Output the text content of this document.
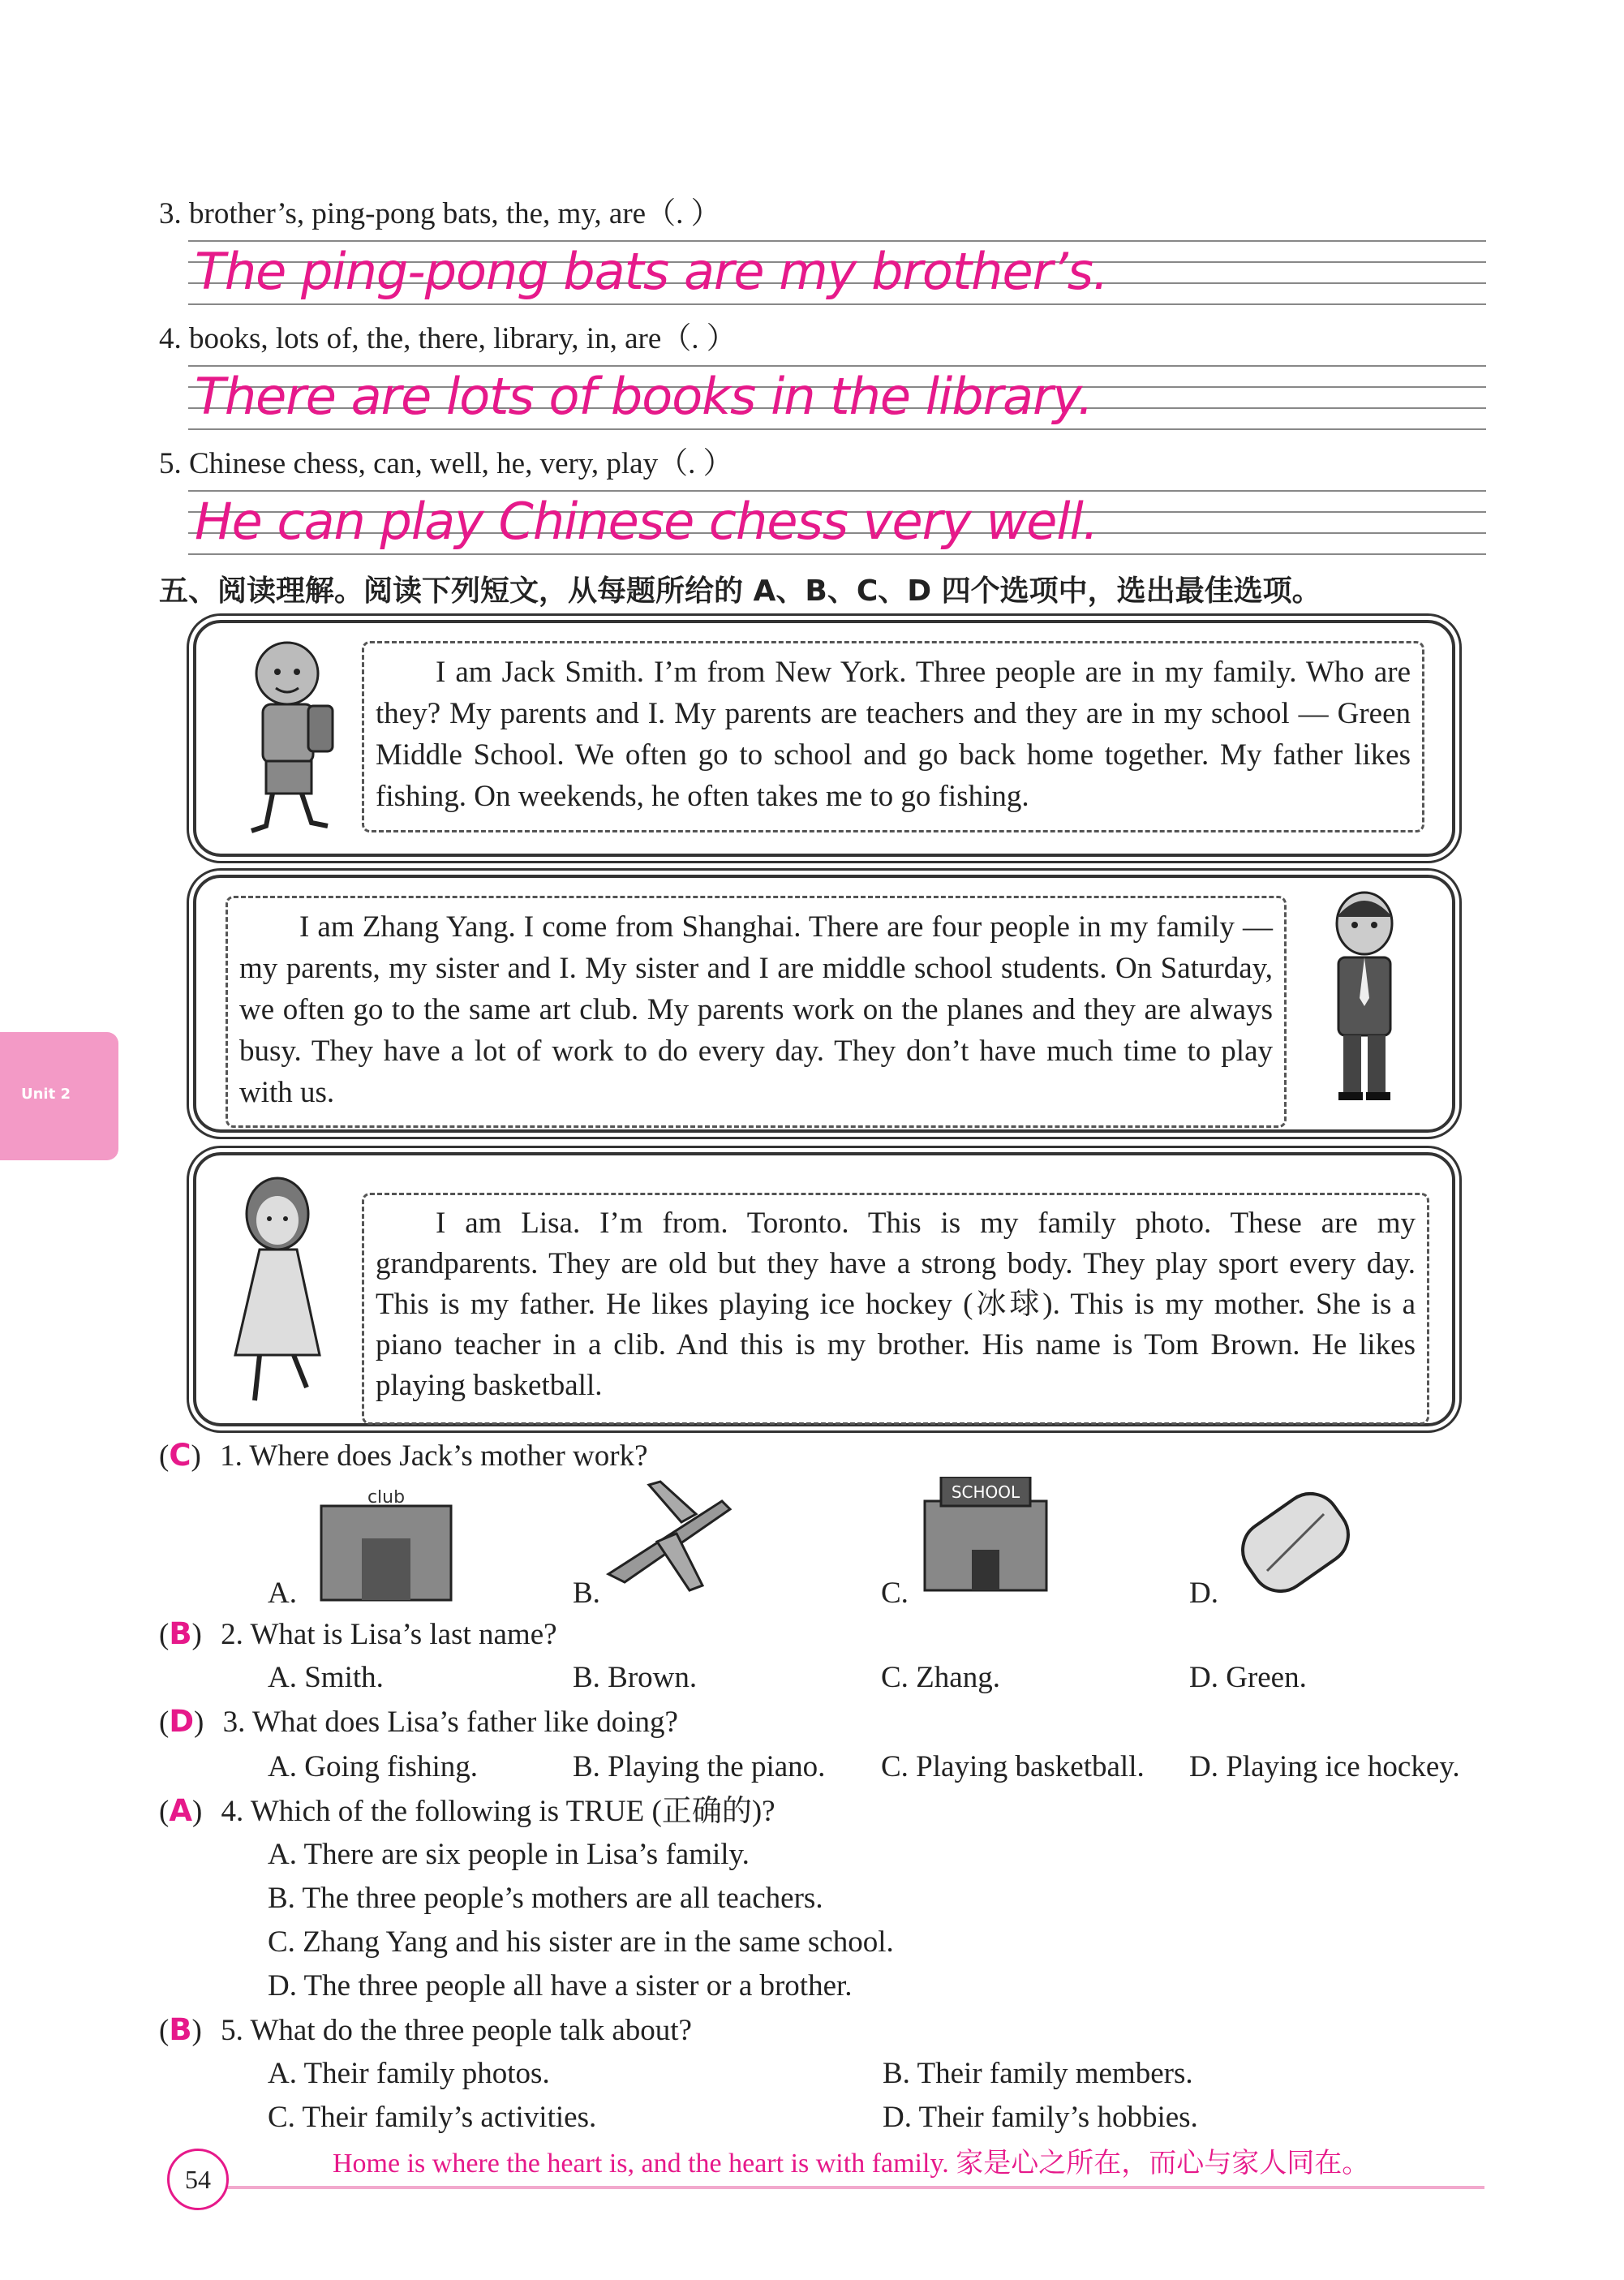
3. brother’s, ping-pong bats, the, my, are（. ）
The ping-pong bats are my brother’s.
4. books, lots of, the, there, library, in, are（. ）
There are lots of books in the library.
5. Chinese chess, can, well, he, very, play（. ）
He can play Chinese chess very well.
五、阅读理解。阅读下列短文，从每题所给的 A、B、C、D 四个选项中，选出最佳选项。

I am Jack Smith. I’m from New York. Three people are in my family. Who are they? My parents and I. My parents are teachers and they are in my school — Green Middle School. We often go to school and go back home together. My father likes fishing. On weekends, he often takes me to go fishing.

I am Zhang Yang. I come from Shanghai. There are four people in my family — my parents, my sister and I. My sister and I are middle school students. On Saturday, we often go to the same art club. My parents work on the planes and they are always busy. They have a lot of work to do every day. They don’t have much time to play with us.

Unit 2

I am Lisa. I’m from. Toronto. This is my family photo. These are my grandparents. They are old but they have a strong body. They play sport every day. This is my father. He likes playing ice hockey (冰球). This is my mother. She is a piano teacher in a clib. And this is my brother. His name is Tom Brown. He likes playing basketball.

(C) 1. Where does Jack’s mother work?
club	SCHOOL
A.	B.	C.	D.
(B) 2. What is Lisa’s last name?
A. Smith.	B. Brown.	C. Zhang.	D. Green.
(D) 3. What does Lisa’s father like doing?
A. Going fishing.	B. Playing the piano. C. Playing basketball. D. Playing ice hockey.
(A) 4. Which of the following is TRUE (正确的)?
A. There are six people in Lisa’s family.
B. The three people’s mothers are all teachers.
C. Zhang Yang and his sister are in the same school.
D. The three people all have a sister or a brother.
(B) 5. What do the three people talk about?
A. Their family photos.	B. Their family members.
C. Their family’s activities.	D. Their family’s hobbies.
Home is where the heart is, and the heart is with family. 家是心之所在，而心与家人同在。
54
